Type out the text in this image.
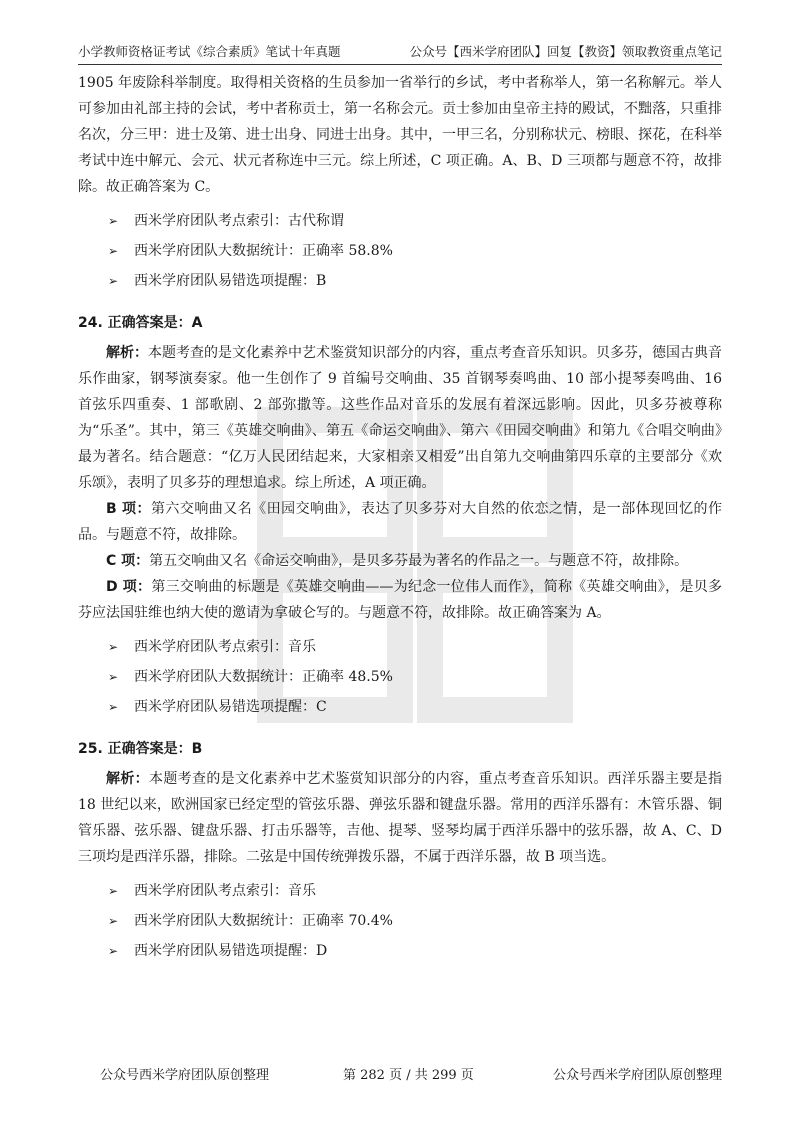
小学教师资格证考试《综合素质》笔试十年真题	公众号【西米学府团队】回复【教资】领取教资重点笔记

1905 年废除科举制度。取得相关资格的生员参加一省举行的乡试，考中者称举人，第一名称解元。举人可参加由礼部主持的会试，考中者称贡士，第一名称会元。贡士参加由皇帝主持的殿试，不黜落，只重排名次，分三甲：进士及第、进士出身、同进士出身。其中，一甲三名，分别称状元、榜眼、探花，在科举考试中连中解元、会元、状元者称连中三元。综上所述，C 项正确。A、B、D 三项都与题意不符，故排除。故正确答案为 C。

➢ 西米学府团队考点索引：古代称谓
➢ 西米学府团队大数据统计：正确率 58.8%
➢ 西米学府团队易错选项提醒：B
24. 正确答案是：A

解析：本题考查的是文化素养中艺术鉴赏知识部分的内容，重点考查音乐知识。贝多芬，德国古典音乐作曲家，钢琴演奏家。他一生创作了 9 首编号交响曲、35 首钢琴奏鸣曲、10 部小提琴奏鸣曲、16 首弦乐四重奏、1 部歌剧、2 部弥撒等。这些作品对音乐的发展有着深远影响。因此，贝多芬被尊称为“乐圣”。其中，第三《英雄交响曲》、第五《命运交响曲》、第六《田园交响曲》和第九《合唱交响曲》最为著名。结合题意：“亿万人民团结起来，大家相亲又相爱”出自第九交响曲第四乐章的主要部分《欢乐颂》，表明了贝多芬的理想追求。综上所述，A 项正确。

B 项：第六交响曲又名《田园交响曲》，表达了贝多芬对大自然的依恋之情，是一部体现回忆的作品。与题意不符，故排除。

C 项：第五交响曲又名《命运交响曲》，是贝多芬最为著名的作品之一。与题意不符，故排除。

D 项：第三交响曲的标题是《英雄交响曲——为纪念一位伟人而作》，简称《英雄交响曲》，是贝多芬应法国驻维也纳大使的邀请为拿破仑写的。与题意不符，故排除。故正确答案为 A。

➢ 西米学府团队考点索引：音乐
➢ 西米学府团队大数据统计：正确率 48.5%
➢ 西米学府团队易错选项提醒：C
25. 正确答案是：B

解析：本题考查的是文化素养中艺术鉴赏知识部分的内容，重点考查音乐知识。西洋乐器主要是指 18 世纪以来，欧洲国家已经定型的管弦乐器、弹弦乐器和键盘乐器。常用的西洋乐器有：木管乐器、铜管乐器、弦乐器、键盘乐器、打击乐器等，吉他、提琴、竖琴均属于西洋乐器中的弦乐器，故 A、C、D 三项均是西洋乐器，排除。二弦是中国传统弹拨乐器，不属于西洋乐器，故 B 项当选。

➢ 西米学府团队考点索引：音乐
➢ 西米学府团队大数据统计：正确率 70.4%
➢ 西米学府团队易错选项提醒：D
公众号西米学府团队原创整理	第 282 页 / 共 299 页	公众号西米学府团队原创整理
